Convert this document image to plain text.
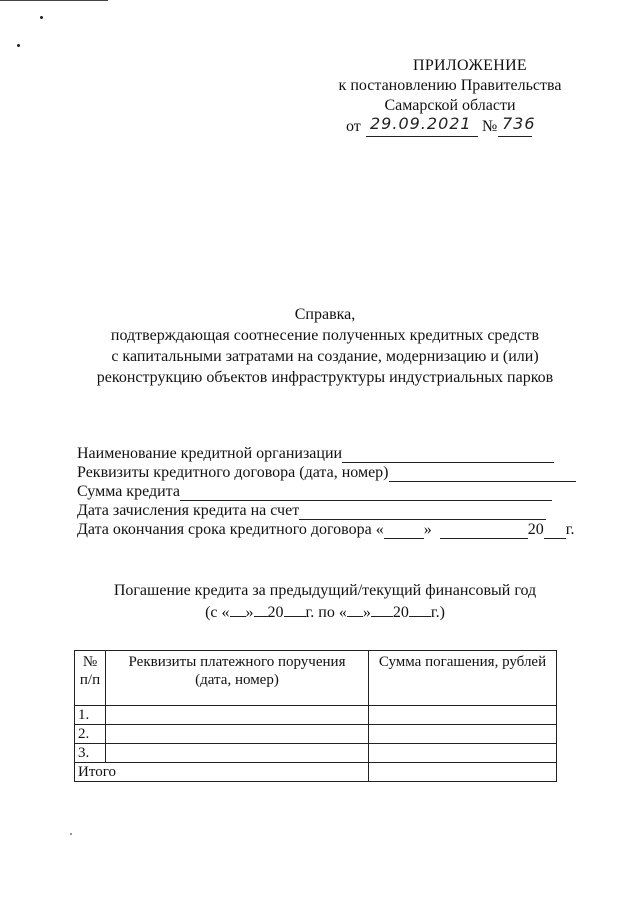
ПРИЛОЖЕНИЕ
к постановлению Правительства
Самарской области
от 29.09.2021 № 736
Справка,
подтверждающая соотнесение полученных кредитных средств
с капитальными затратами на создание, модернизацию и (или)
реконструкцию объектов инфраструктуры индустриальных парков
Наименование кредитной организации
Реквизиты кредитного договора (дата, номер)
Сумма кредита
Дата зачисления кредита на счет
Дата окончания срока кредитного договора «	»	20 г.
Погашение кредита за предыдущий/текущий финансовый год
(с « » 20 г. по « » 20 г.)
№ п/п	Реквизиты платежного поручения (дата, номер)	Сумма погашения, рублей
1.		
2.		
3.		
Итого		
